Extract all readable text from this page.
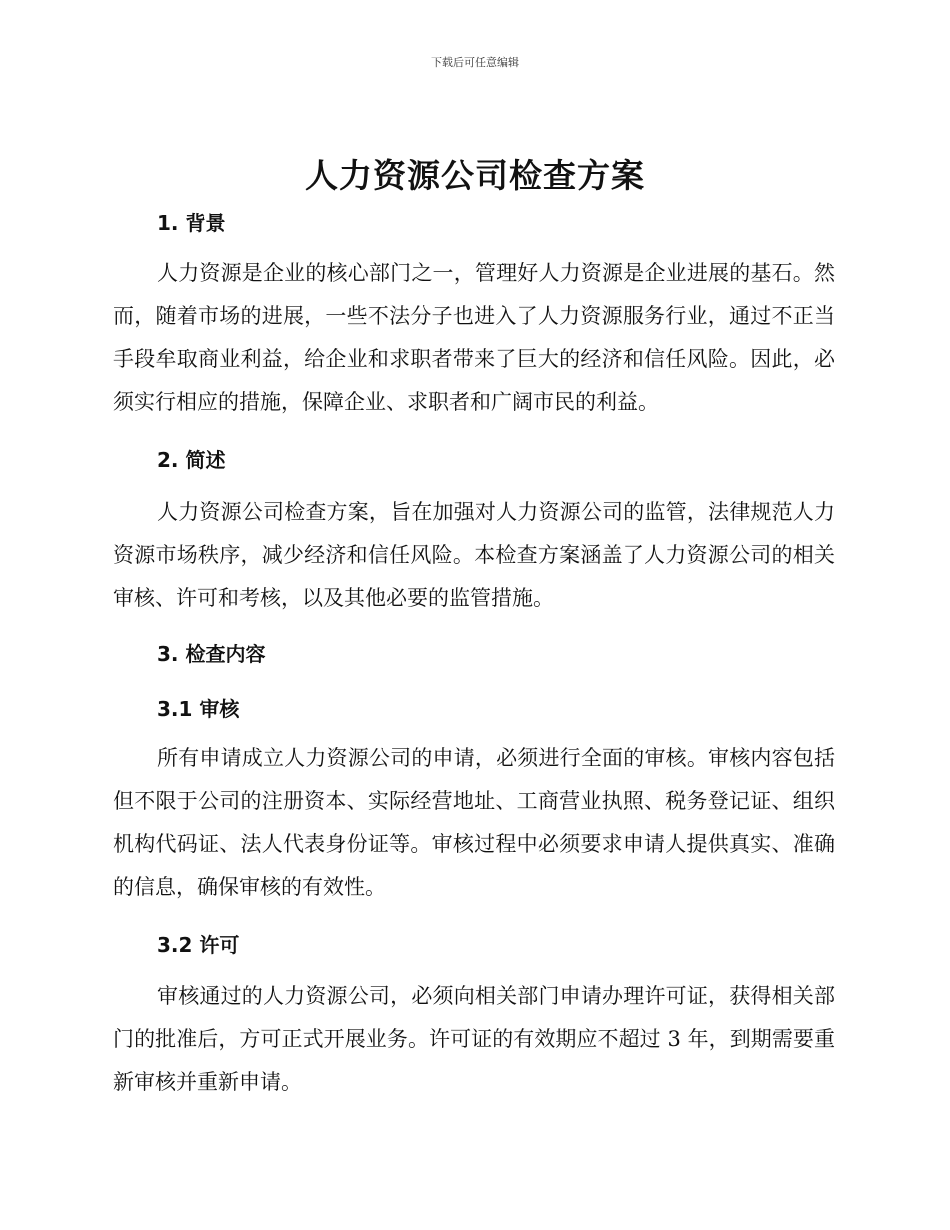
下载后可任意编辑
人力资源公司检查方案
1. 背景

人力资源是企业的核心部门之一，管理好人力资源是企业进展的基石。然而，随着市场的进展，一些不法分子也进入了人力资源服务行业，通过不正当手段牟取商业利益，给企业和求职者带来了巨大的经济和信任风险。因此，必须实行相应的措施，保障企业、求职者和广阔市民的利益。

2. 简述

人力资源公司检查方案，旨在加强对人力资源公司的监管，法律规范人力资源市场秩序，减少经济和信任风险。本检查方案涵盖了人力资源公司的相关审核、许可和考核，以及其他必要的监管措施。

3. 检查内容
3.1 审核

所有申请成立人力资源公司的申请，必须进行全面的审核。审核内容包括但不限于公司的注册资本、实际经营地址、工商营业执照、税务登记证、组织机构代码证、法人代表身份证等。审核过程中必须要求申请人提供真实、准确的信息，确保审核的有效性。

3.2 许可

审核通过的人力资源公司，必须向相关部门申请办理许可证，获得相关部门的批准后，方可正式开展业务。许可证的有效期应不超过 3 年，到期需要重新审核并重新申请。
